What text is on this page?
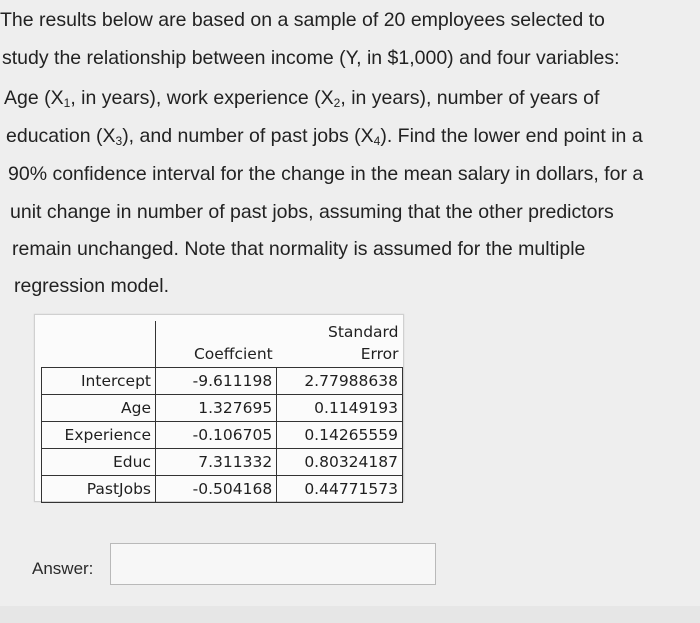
The results below are based on a sample of 20 employees selected to
study the relationship between income (Y, in $1,000) and four variables:
Age ($X_1$, in years), work experience ($X_2$, in years), number of years of
education $(X_3)$, and number of past jobs $(X_4)$. Find the lower end point in a
90% confidence interval for the change in the mean salary in dollars, for a
unit change in number of past jobs, assuming that the other predictors
remain unchanged. Note that normality is assumed for the multiple
regression model.
	Coeffcient	Standard
Error

Intercept	-9.611198	2.77988638
Age	1.327695	0.1149193
Experience	-0.106705	0.14265559
Educ	7.311332	0.80324187
PastJobs	-0.504168	0.44771573
Answer:
